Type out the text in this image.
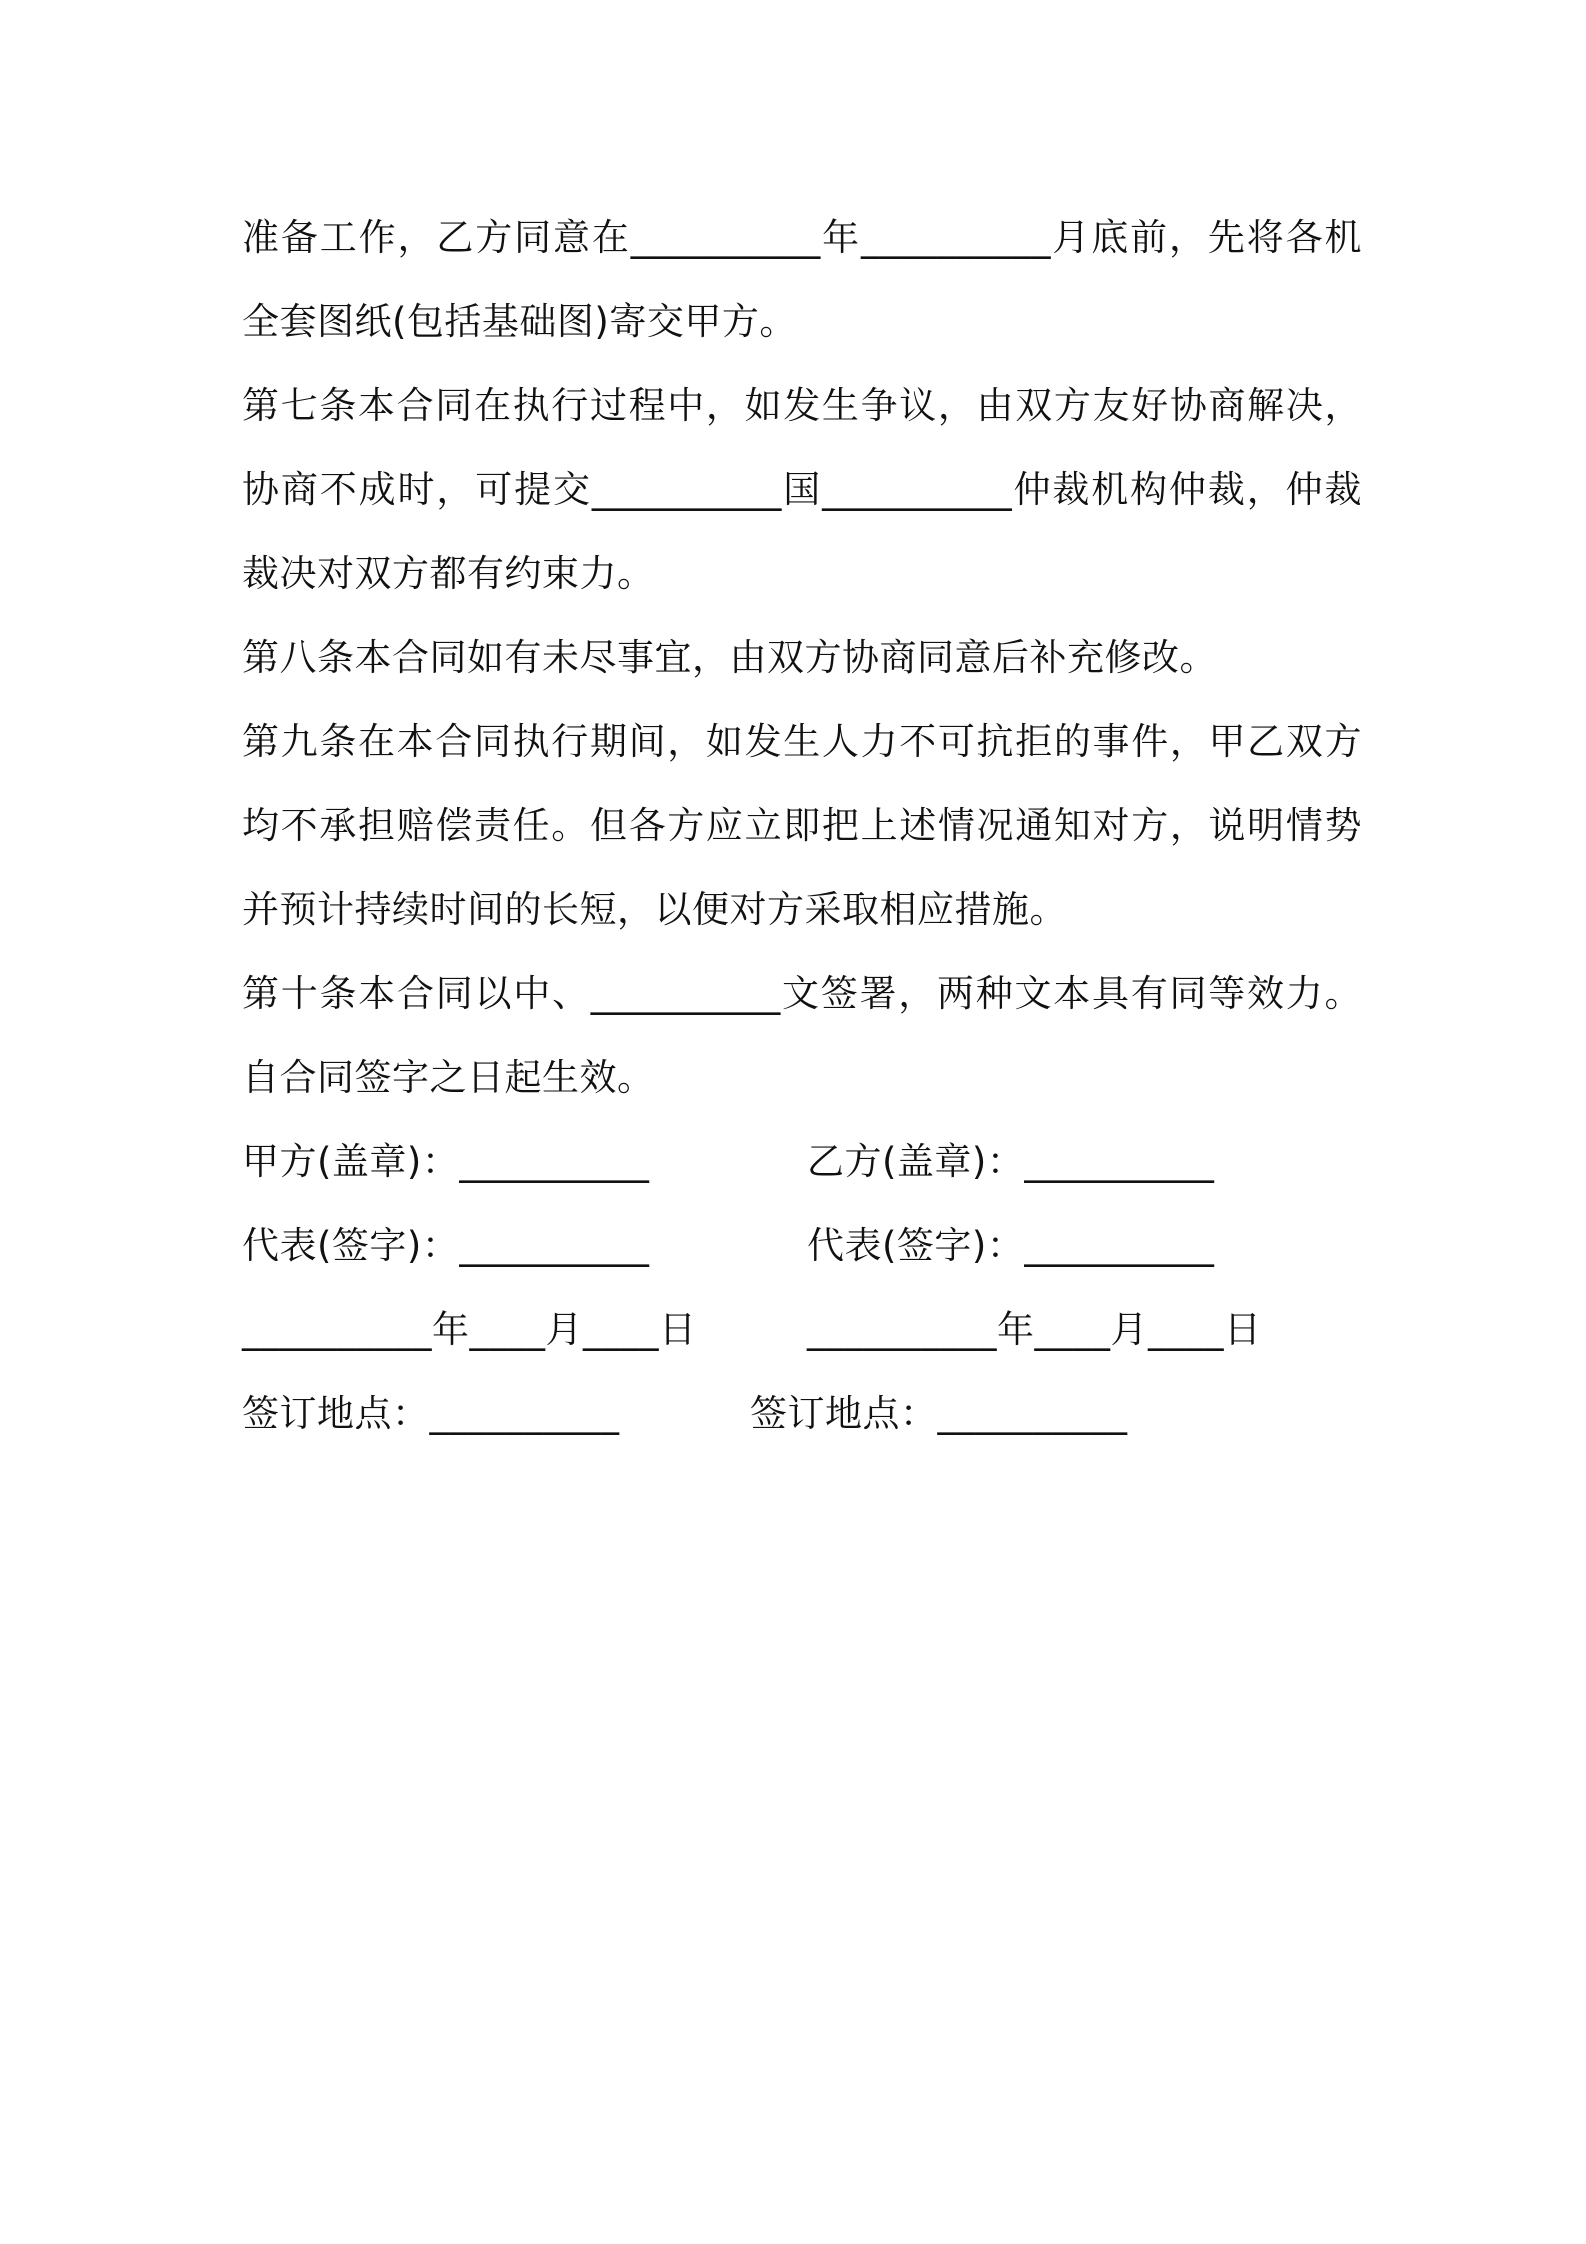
准备工作，乙方同意在__________年__________月底前，先将各机全套图纸(包括基础图)寄交甲方。

第七条本合同在执行过程中，如发生争议，由双方友好协商解决，协商不成时，可提交__________国__________仲裁机构仲裁，仲裁裁决对双方都有约束力。

第八条本合同如有未尽事宜，由双方协商同意后补充修改。

第九条在本合同执行期间，如发生人力不可抗拒的事件，甲乙双方均不承担赔偿责任。但各方应立即把上述情况通知对方，说明情势并预计持续时间的长短，以便对方采取相应措施。

第十条本合同以中、__________文签署，两种文本具有同等效力。自合同签字之日起生效。

甲方(盖章)：__________	乙方(盖章)：__________
代表(签字)：__________	代表(签字)：__________
__________年____月____日	__________年____月____日
签订地点：__________	签订地点：__________
